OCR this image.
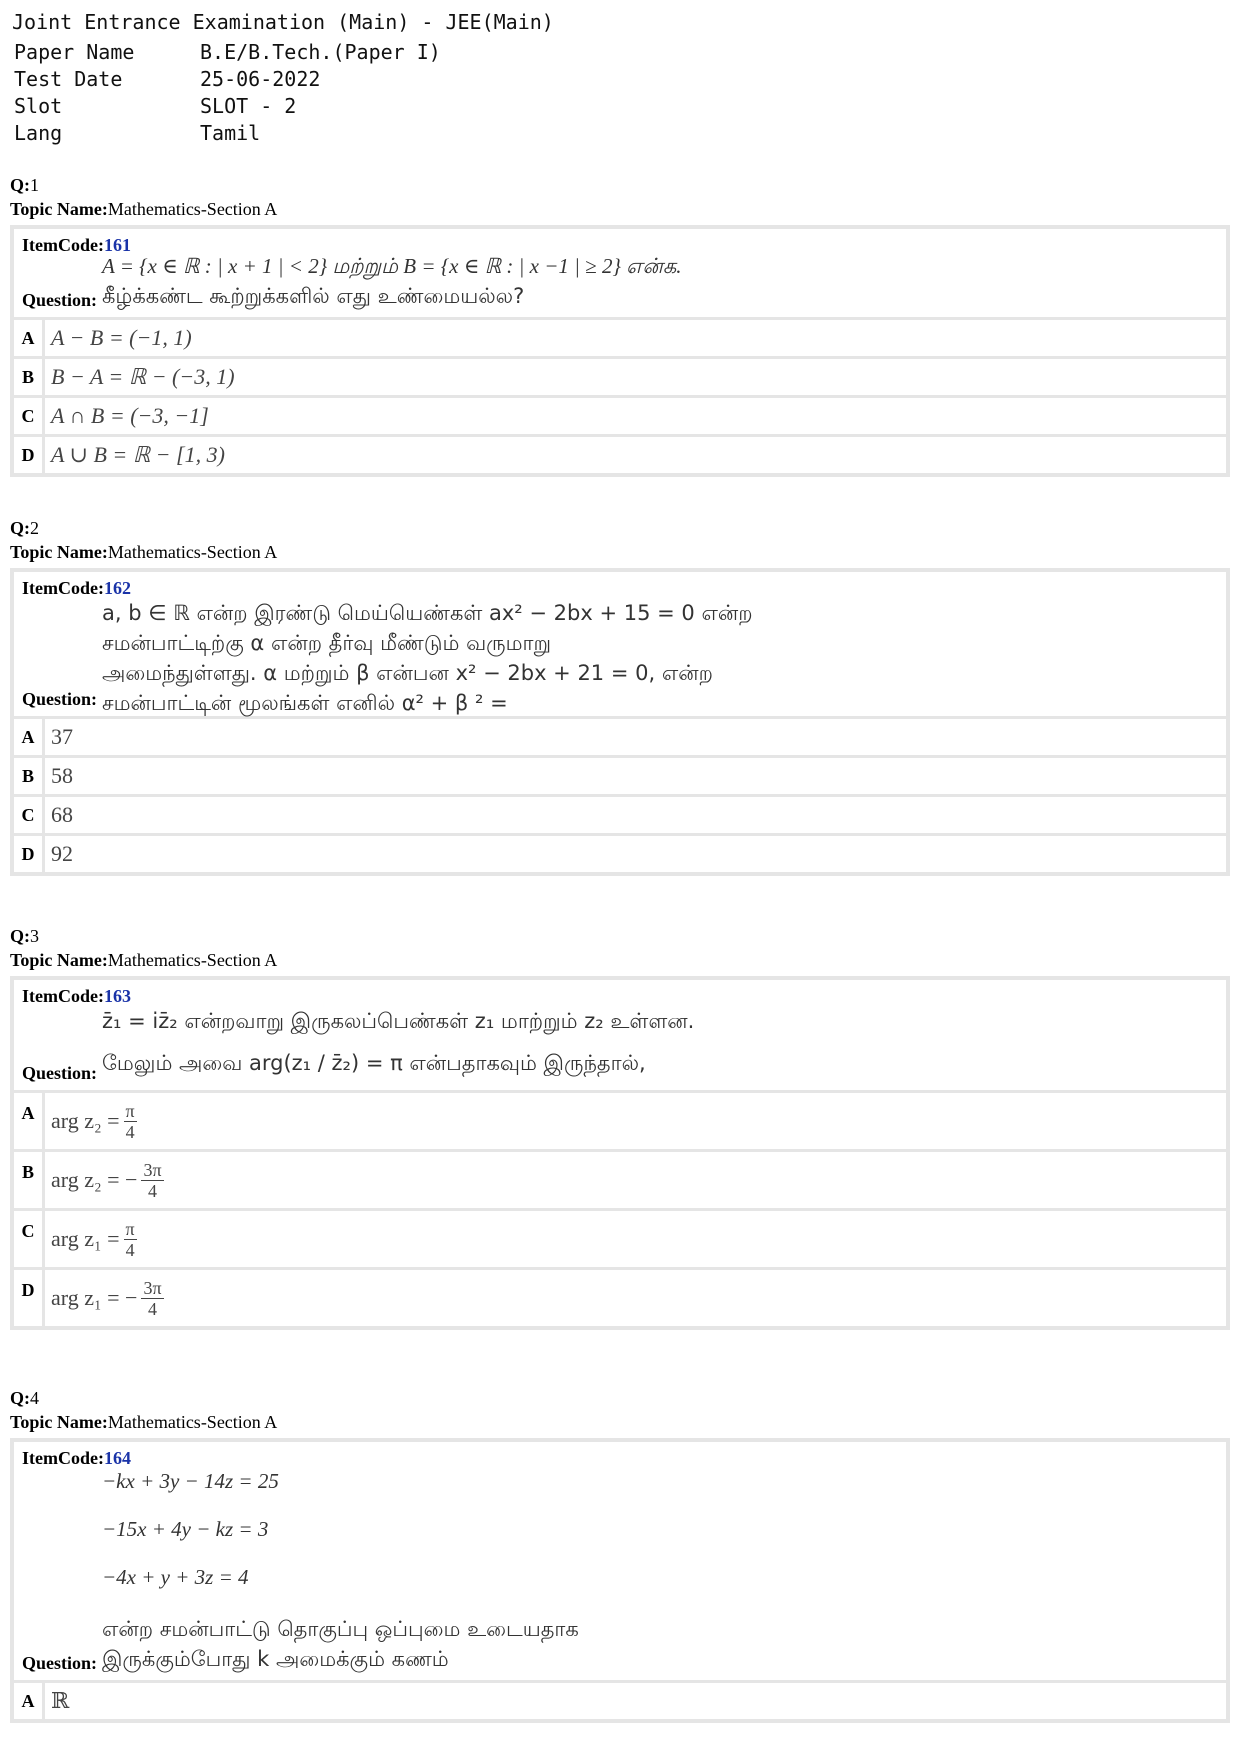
Joint Entrance Examination (Main) - JEE(Main)
Paper Name	B.E/B.Tech.(Paper I)
Test Date	25-06-2022
Slot	SLOT - 2
Lang	Tamil
Q:1
Topic Name:Mathematics-Section A
ItemCode:161
A = {x ∈ ℝ : | x + 1 | < 2} மற்றும் B = {x ∈ ℝ : | x −1 | ≥ 2} என்க.
கீழ்க்கண்ட கூற்றுக்களில் எது உண்மையல்ல?
Question:
A A − B = (−1, 1)
B B − A = ℝ − (−3, 1)
C A ∩ B = (−3, −1]
D A ∪ B = ℝ − [1, 3)
Q:2
Topic Name:Mathematics-Section A
ItemCode:162
a, b ∈ ℝ என்ற இரண்டு மெய்யெண்கள் ax² − 2bx + 15 = 0 என்ற
சமன்பாட்டிற்கு α என்ற தீர்வு மீண்டும் வருமாறு
அமைந்துள்ளது. α மற்றும் β என்பன x² − 2bx + 21 = 0, என்ற
சமன்பாட்டின் மூலங்கள் எனில் α² + β ² =
Question:
A 37
B 58
C 68
D 92
Q:3
Topic Name:Mathematics-Section A
ItemCode:163
z̄₁ = iz̄₂ என்றவாறு இருகலப்பெண்கள் z₁ மாற்றும் z₂ உள்ளன.
மேலும் அவை arg(z₁ / z̄₂) = π என்பதாகவும் இருந்தால்,
Question:
A arg $z_2 = \frac{\pi}{4}$
B arg z₂ = − $\frac{3\pi}{4}$
C arg $z_1 = \frac{\pi}{4}$
D arg z₁ = − $\frac{3\pi}{4}$
Q:4
Topic Name:Mathematics-Section A
ItemCode:164
−kx + 3y − 14z = 25
−15x + 4y − kz = 3
−4x + y + 3z = 4
என்ற சமன்பாட்டு தொகுப்பு ஒப்புமை உடையதாக
இருக்கும்போது k அமைக்கும் கணம்
Question:
A ℝ
